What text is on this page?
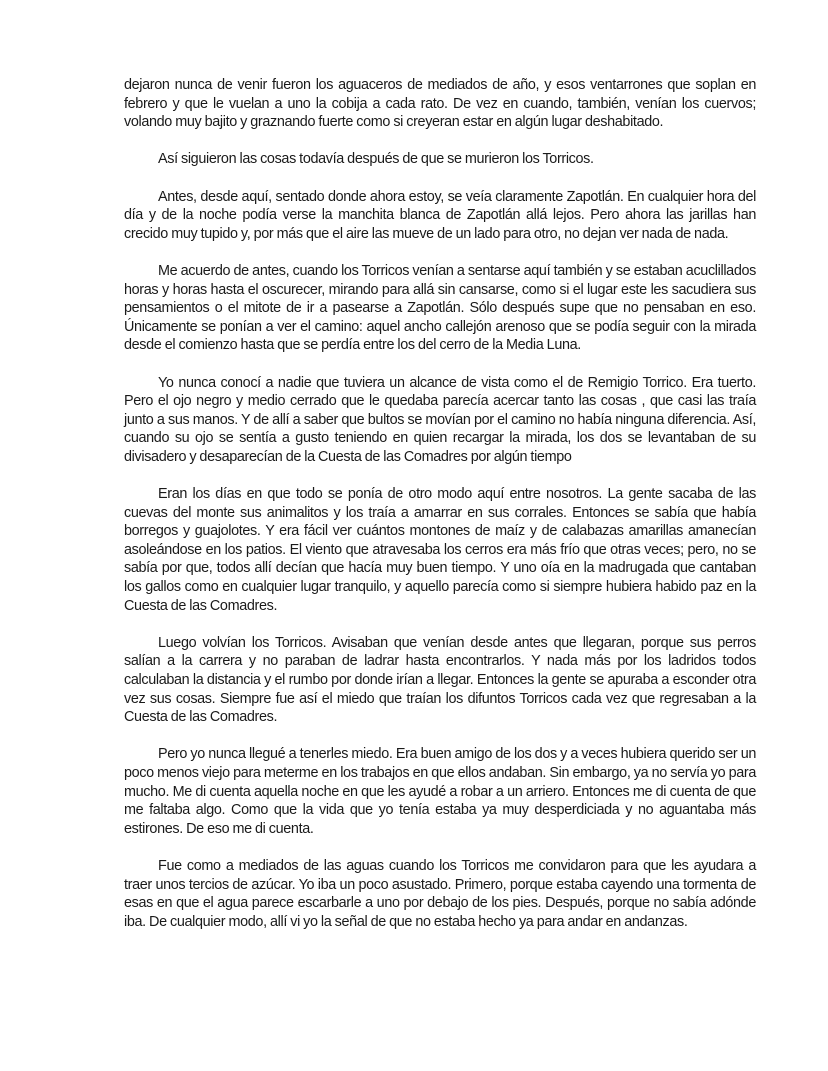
dejaron nunca de venir fueron los aguaceros de mediados de año, y esos ventarrones que soplan en febrero y que le vuelan a uno la cobija a cada rato. De vez en cuando, también, venían los cuervos; volando muy bajito y graznando fuerte como si creyeran estar en algún lugar deshabitado.

Así siguieron las cosas todavía después de que se murieron los Torricos.

Antes, desde aquí, sentado donde ahora estoy, se veía claramente Zapotlán. En cualquier hora del día y de la noche podía verse la manchita blanca de Zapotlán allá lejos. Pero ahora las jarillas han crecido muy tupido y, por más que el aire las mueve de un lado para otro, no dejan ver nada de nada.

Me acuerdo de antes, cuando los Torricos venían a sentarse aquí también y se estaban acuclillados horas y horas hasta el oscurecer, mirando para allá sin cansarse, como si el lugar este les sacudiera sus pensamientos o el mitote de ir a pasearse a Zapotlán. Sólo después supe que no pensaban en eso. Únicamente se ponían a ver el camino: aquel ancho callejón arenoso que se podía seguir con la mirada desde el comienzo hasta que se perdía entre los del cerro de la Media Luna.

Yo nunca conocí a nadie que tuviera un alcance de vista como el de Remigio Torrico. Era tuerto. Pero el ojo negro y medio cerrado que le quedaba parecía acercar tanto las cosas , que casi las traía junto a sus manos. Y de allí a saber que bultos se movían por el camino no había ninguna diferencia. Así, cuando su ojo se sentía a gusto teniendo en quien recargar la mirada, los dos se levantaban de su divisadero y desaparecían de la Cuesta de las Comadres por algún tiempo

Eran los días en que todo se ponía de otro modo aquí entre nosotros. La gente sacaba de las cuevas del monte sus animalitos y los traía a amarrar en sus corrales. Entonces se sabía que había borregos y guajolotes. Y era fácil ver cuántos montones de maíz y de calabazas amarillas amanecían asoleándose en los patios. El viento que atravesaba los cerros era más frío que otras veces; pero, no se sabía por que, todos allí decían que hacía muy buen tiempo. Y uno oía en la madrugada que cantaban los gallos como en cualquier lugar tranquilo, y aquello parecía como si siempre hubiera habido paz en la Cuesta de las Comadres.

Luego volvían los Torricos. Avisaban que venían desde antes que llegaran, porque sus perros salían a la carrera y no paraban de ladrar hasta encontrarlos. Y nada más por los ladridos todos calculaban la distancia y el rumbo por donde irían a llegar. Entonces la gente se apuraba a esconder otra vez sus cosas. Siempre fue así el miedo que traían los difuntos Torricos cada vez que regresaban a la Cuesta de las Comadres.

Pero yo nunca llegué a tenerles miedo. Era buen amigo de los dos y a veces hubiera querido ser un poco menos viejo para meterme en los trabajos en que ellos andaban. Sin embargo, ya no servía yo para mucho. Me di cuenta aquella noche en que les ayudé a robar a un arriero. Entonces me di cuenta de que me faltaba algo. Como que la vida que yo tenía estaba ya muy desperdiciada y no aguantaba más estirones. De eso me di cuenta.

Fue como a mediados de las aguas cuando los Torricos me convidaron para que les ayudara a traer unos tercios de azúcar. Yo iba un poco asustado. Primero, porque estaba cayendo una tormenta de esas en que el agua parece escarbarle a uno por debajo de los pies. Después, porque no sabía adónde iba. De cualquier modo, allí vi yo la señal de que no estaba hecho ya para andar en andanzas.
